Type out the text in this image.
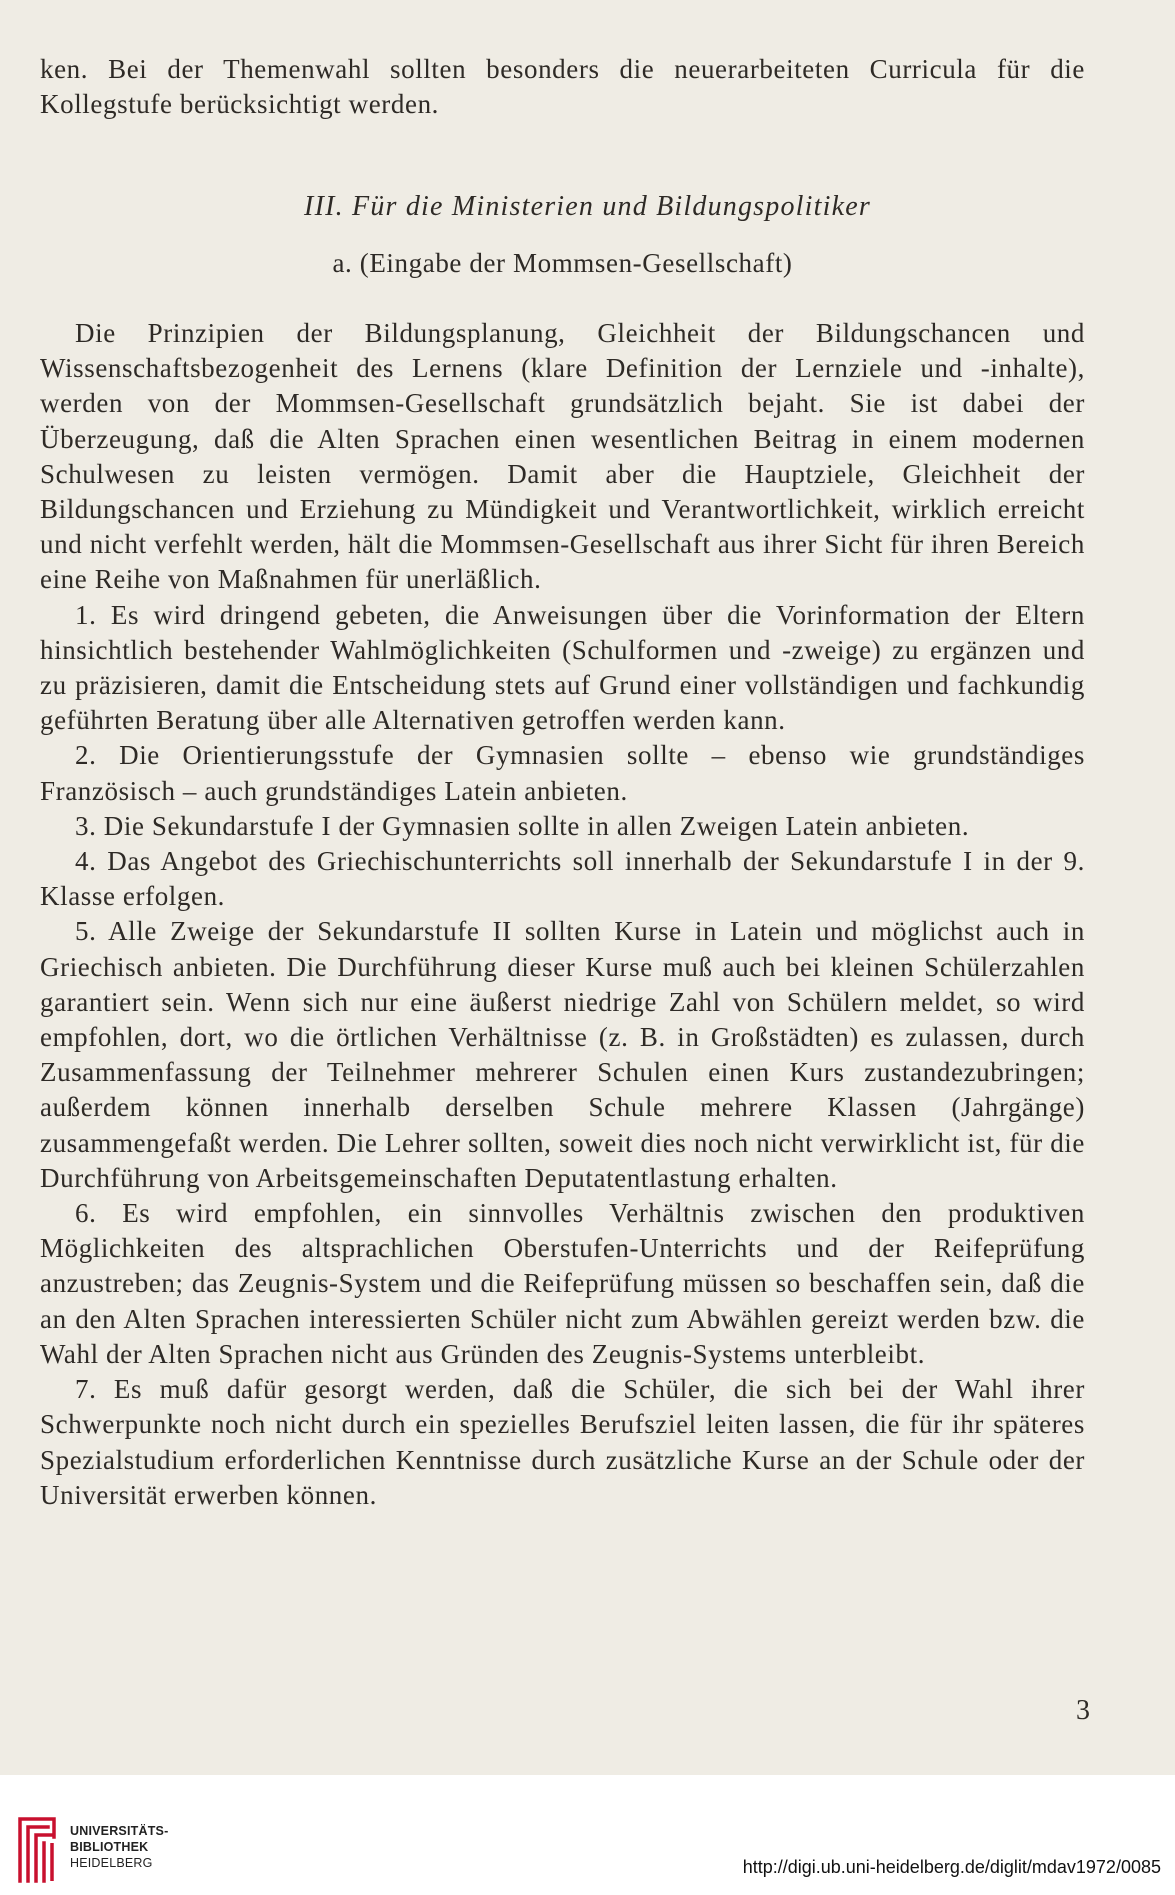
ken. Bei der Themenwahl sollten besonders die neuerarbeiteten Curricula für die Kollegstufe berücksichtigt werden.

III. Für die Ministerien und Bildungspolitiker
a. (Eingabe der Mommsen-Gesellschaft)

Die Prinzipien der Bildungsplanung, Gleichheit der Bildungschancen und Wissenschaftsbezogenheit des Lernens (klare Definition der Lernziele und -inhalte), werden von der Mommsen-Gesellschaft grundsätzlich bejaht. Sie ist dabei der Überzeugung, daß die Alten Sprachen einen wesentlichen Beitrag in einem modernen Schulwesen zu leisten vermögen. Damit aber die Hauptziele, Gleichheit der Bildungschancen und Erziehung zu Mündigkeit und Verantwortlichkeit, wirklich erreicht und nicht verfehlt werden, hält die Mommsen-Gesellschaft aus ihrer Sicht für ihren Bereich eine Reihe von Maßnahmen für unerläßlich.

1. Es wird dringend gebeten, die Anweisungen über die Vorinformation der Eltern hinsichtlich bestehender Wahlmöglichkeiten (Schulformen und -zweige) zu ergänzen und zu präzisieren, damit die Entscheidung stets auf Grund einer vollständigen und fachkundig geführten Beratung über alle Alternativen getroffen werden kann.

2. Die Orientierungsstufe der Gymnasien sollte – ebenso wie grundständiges Französisch – auch grundständiges Latein anbieten.

3. Die Sekundarstufe I der Gymnasien sollte in allen Zweigen Latein anbieten.

4. Das Angebot des Griechischunterrichts soll innerhalb der Sekundarstufe I in der 9. Klasse erfolgen.

5. Alle Zweige der Sekundarstufe II sollten Kurse in Latein und möglichst auch in Griechisch anbieten. Die Durchführung dieser Kurse muß auch bei kleinen Schülerzahlen garantiert sein. Wenn sich nur eine äußerst niedrige Zahl von Schülern meldet, so wird empfohlen, dort, wo die örtlichen Verhältnisse (z. B. in Großstädten) es zulassen, durch Zusammenfassung der Teilnehmer mehrerer Schulen einen Kurs zustandezubringen; außerdem können innerhalb derselben Schule mehrere Klassen (Jahrgänge) zusammengefaßt werden. Die Lehrer sollten, soweit dies noch nicht verwirklicht ist, für die Durchführung von Arbeitsgemeinschaften Deputatentlastung erhalten.

6. Es wird empfohlen, ein sinnvolles Verhältnis zwischen den produktiven Möglichkeiten des altsprachlichen Oberstufen-Unterrichts und der Reifeprüfung anzustreben; das Zeugnis-System und die Reifeprüfung müssen so beschaffen sein, daß die an den Alten Sprachen interessierten Schüler nicht zum Abwählen gereizt werden bzw. die Wahl der Alten Sprachen nicht aus Gründen des Zeugnis-Systems unterbleibt.

7. Es muß dafür gesorgt werden, daß die Schüler, die sich bei der Wahl ihrer Schwerpunkte noch nicht durch ein spezielles Berufsziel leiten lassen, die für ihr späteres Spezialstudium erforderlichen Kenntnisse durch zusätzliche Kurse an der Schule oder der Universität erwerben können.

3
UNIVERSITÄTS-
BIBLIOTHEK
HEIDELBERG	http://digi.ub.uni-heidelberg.de/diglit/mdav1972/0085
